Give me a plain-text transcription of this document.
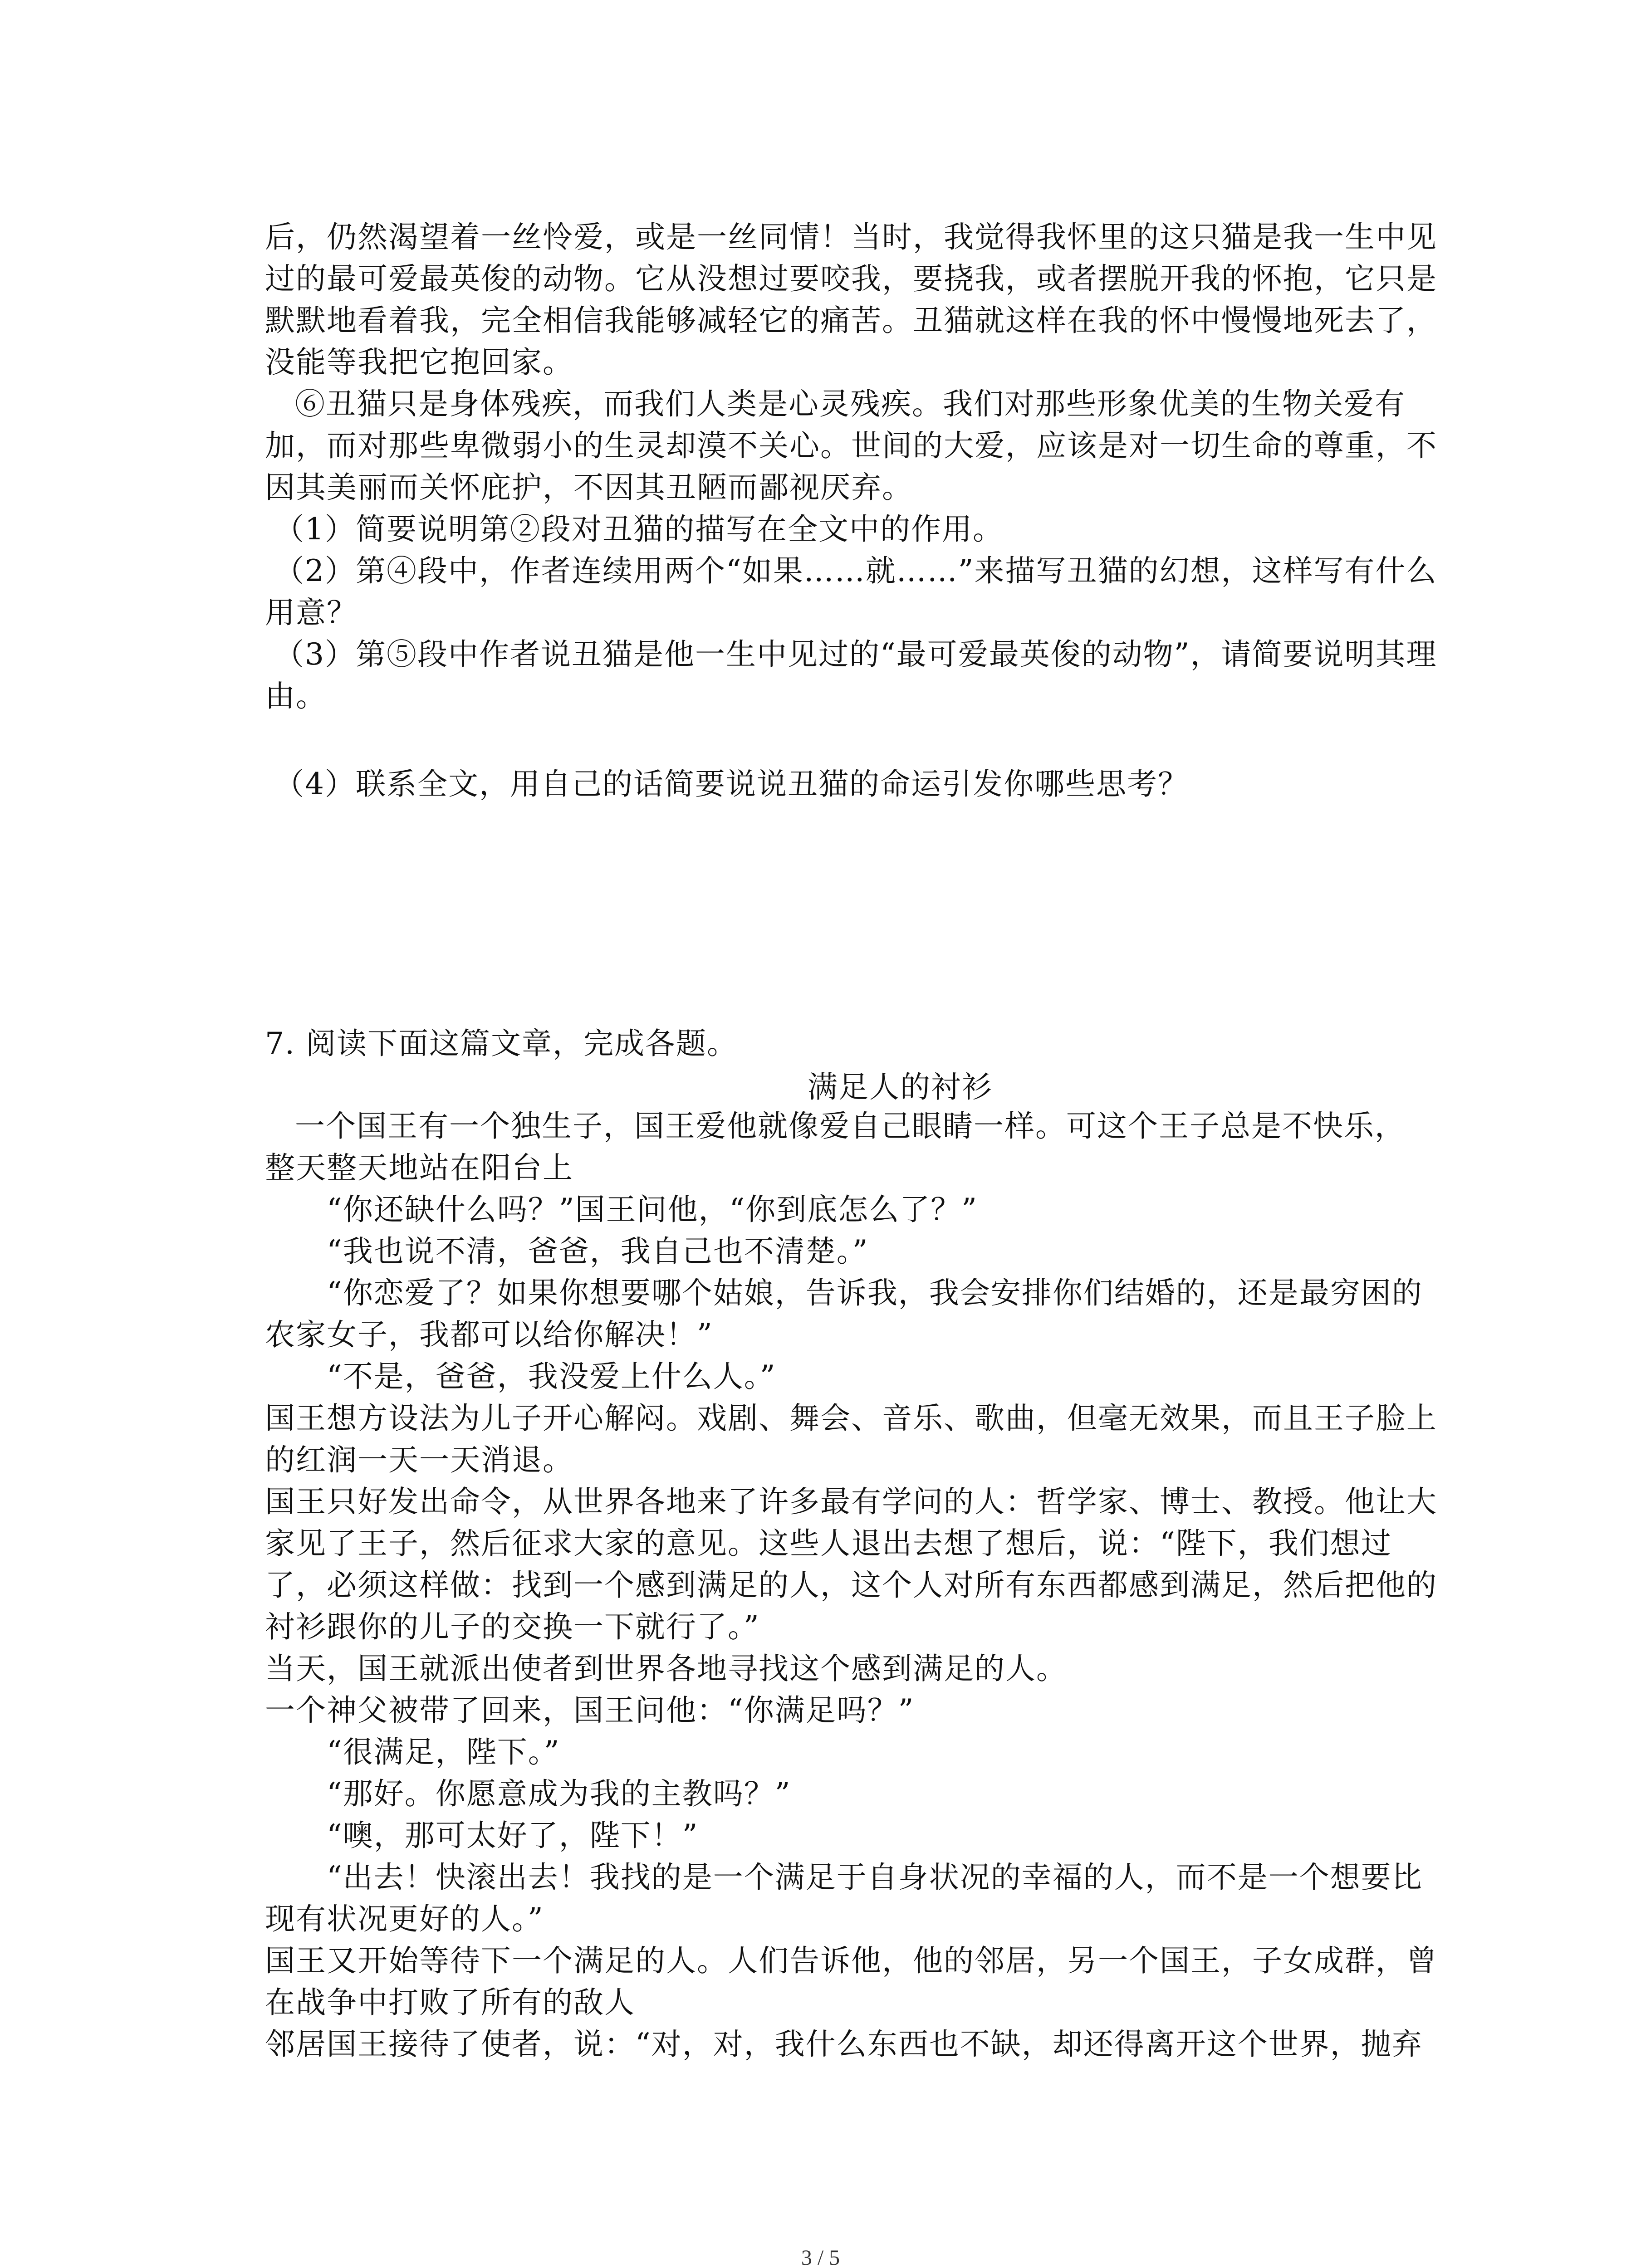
后，仍然渴望着一丝怜爱，或是一丝同情！当时，我觉得我怀里的这只猫是我一生中见
过的最可爱最英俊的动物。它从没想过要咬我，要挠我，或者摆脱开我的怀抱，它只是
默默地看着我，完全相信我能够减轻它的痛苦。丑猫就这样在我的怀中慢慢地死去了，
没能等我把它抱回家。
⑥丑猫只是身体残疾，而我们人类是心灵残疾。我们对那些形象优美的生物关爱有
加，而对那些卑微弱小的生灵却漠不关心。世间的大爱，应该是对一切生命的尊重，不
因其美丽而关怀庇护，不因其丑陋而鄙视厌弃。
（1）简要说明第②段对丑猫的描写在全文中的作用。
（2）第④段中，作者连续用两个“如果……就……”来描写丑猫的幻想，这样写有什么
用意？
（3）第⑤段中作者说丑猫是他一生中见过的“最可爱最英俊的动物”，请简要说明其理
由。
（4）联系全文，用自己的话简要说说丑猫的命运引发你哪些思考？
7. 阅读下面这篇文章，完成各题。
满足人的衬衫
一个国王有一个独生子，国王爱他就像爱自己眼睛一样。可这个王子总是不快乐，
整天整天地站在阳台上
“你还缺什么吗？”国王问他，“你到底怎么了？”
“我也说不清，爸爸，我自己也不清楚。”
“你恋爱了？如果你想要哪个姑娘，告诉我，我会安排你们结婚的，还是最穷困的
农家女子，我都可以给你解决！”
“不是，爸爸，我没爱上什么人。”
国王想方设法为儿子开心解闷。戏剧、舞会、音乐、歌曲，但毫无效果，而且王子脸上
的红润一天一天消退。
国王只好发出命令，从世界各地来了许多最有学问的人：哲学家、博士、教授。他让大
家见了王子，然后征求大家的意见。这些人退出去想了想后，说：“陛下，我们想过
了，必须这样做：找到一个感到满足的人，这个人对所有东西都感到满足，然后把他的
衬衫跟你的儿子的交换一下就行了。”
当天，国王就派出使者到世界各地寻找这个感到满足的人。
一个神父被带了回来，国王问他：“你满足吗？”
“很满足，陛下。”
“那好。你愿意成为我的主教吗？”
“噢，那可太好了，陛下！”
“出去！快滚出去！我找的是一个满足于自身状况的幸福的人，而不是一个想要比
现有状况更好的人。”
国王又开始等待下一个满足的人。人们告诉他，他的邻居，另一个国王，子女成群，曾
在战争中打败了所有的敌人
邻居国王接待了使者，说：“对，对，我什么东西也不缺，却还得离开这个世界，抛弃
3 / 5
